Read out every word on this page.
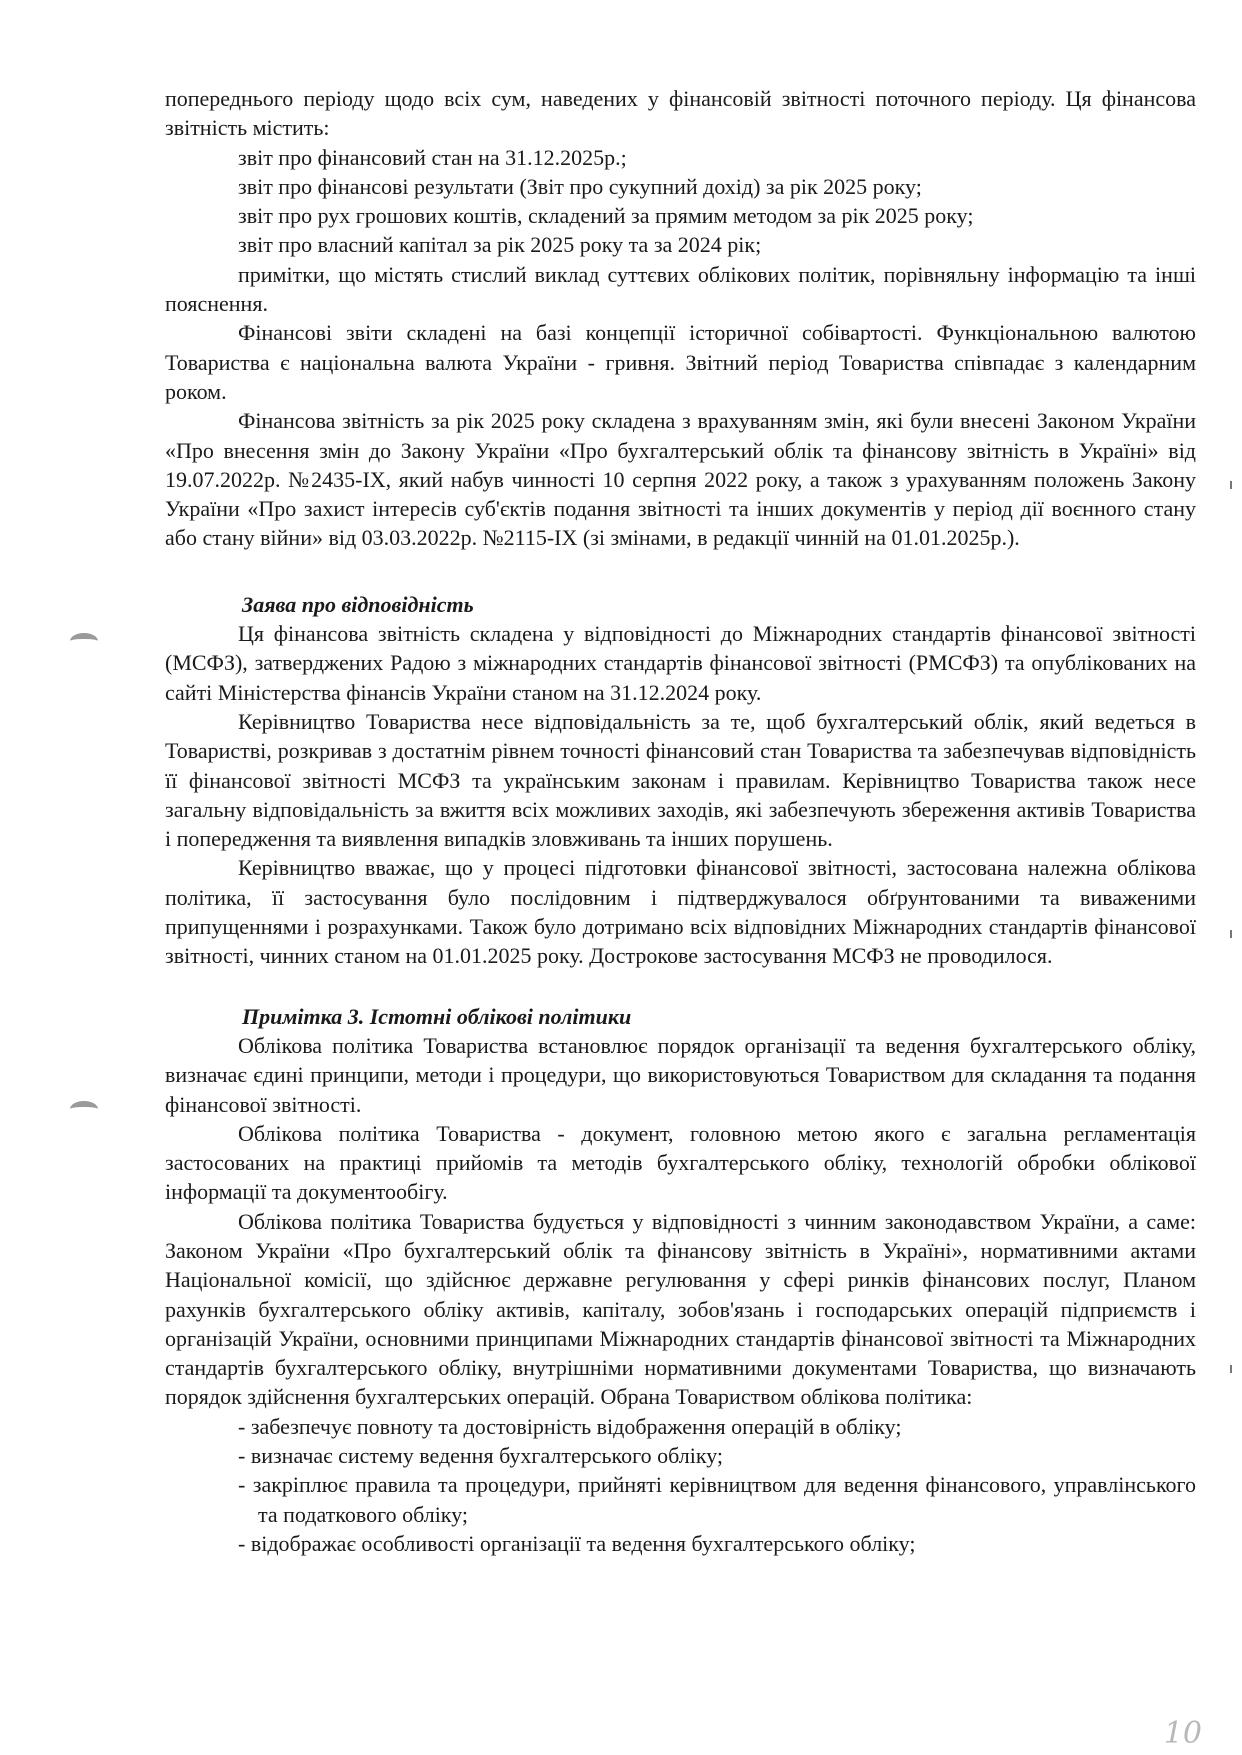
попереднього періоду щодо всіх сум, наведених у фінансовій звітності поточного періоду. Ця фінансова звітність містить:

звіт про фінансовий стан на 31.12.2025р.;

звіт про фінансові результати (Звіт про сукупний дохід) за рік 2025 року;

звіт про рух грошових коштів, складений за прямим методом за рік 2025 року;

звіт про власний капітал за рік 2025 року та за 2024 рік;

примітки, що містять стислий виклад суттєвих облікових політик, порівняльну інформацію та інші пояснення.

Фінансові звіти складені на базі концепції історичної собівартості. Функціональною валютою Товариства є національна валюта України - гривня. Звітний період Товариства співпадає з календарним роком.

Фінансова звітність за рік 2025 року складена з врахуванням змін, які були внесені Законом України «Про внесення змін до Закону України «Про бухгалтерський облік та фінансову звітність в Україні» від 19.07.2022р. №2435-IX, який набув чинності 10 серпня 2022 року, а також з урахуванням положень Закону України «Про захист інтересів суб'єктів подання звітності та інших документів у період дії воєнного стану або стану війни» від 03.03.2022р. №2115-IX (зі змінами, в редакції чинній на 01.01.2025р.).

Заява про відповідність

Ця фінансова звітність складена у відповідності до Міжнародних стандартів фінансової звітності (МСФЗ), затверджених Радою з міжнародних стандартів фінансової звітності (РМСФЗ) та опублікованих на сайті Міністерства фінансів України станом на 31.12.2024 року.

Керівництво Товариства несе відповідальність за те, щоб бухгалтерський облік, який ведеться в Товаристві, розкривав з достатнім рівнем точності фінансовий стан Товариства та забезпечував відповідність її фінансової звітності МСФЗ та українським законам і правилам. Керівництво Товариства також несе загальну відповідальність за вжиття всіх можливих заходів, які забезпечують збереження активів Товариства і попередження та виявлення випадків зловживань та інших порушень.

Керівництво вважає, що у процесі підготовки фінансової звітності, застосована належна облікова політика, її застосування було послідовним і підтверджувалося обґрунтованими та виваженими припущеннями і розрахунками. Також було дотримано всіх відповідних Міжнародних стандартів фінансової звітності, чинних станом на 01.01.2025 року. Дострокове застосування МСФЗ не проводилося.

Примітка 3. Істотні облікові політики

Облікова політика Товариства встановлює порядок організації та ведення бухгалтерського обліку, визначає єдині принципи, методи і процедури, що використовуються Товариством для складання та подання фінансової звітності.

Облікова політика Товариства - документ, головною метою якого є загальна регламентація застосованих на практиці прийомів та методів бухгалтерського обліку, технологій обробки облікової інформації та документообігу.

Облікова політика Товариства будується у відповідності з чинним законодавством України, а саме: Законом України «Про бухгалтерський облік та фінансову звітність в Україні», нормативними актами Національної комісії, що здійснює державне регулювання у сфері ринків фінансових послуг, Планом рахунків бухгалтерського обліку активів, капіталу, зобов'язань і господарських операцій підприємств і організацій України, основними принципами Міжнародних стандартів фінансової звітності та Міжнародних стандартів бухгалтерського обліку, внутрішніми нормативними документами Товариства, що визначають порядок здійснення бухгалтерських операцій. Обрана Товариством облікова політика:

- забезпечує повноту та достовірність відображення операцій в обліку;

- визначає систему ведення бухгалтерського обліку;

- закріплює правила та процедури, прийняті керівництвом для ведення фінансового, управлінського та податкового обліку;

- відображає особливості організації та ведення бухгалтерського обліку;

10
